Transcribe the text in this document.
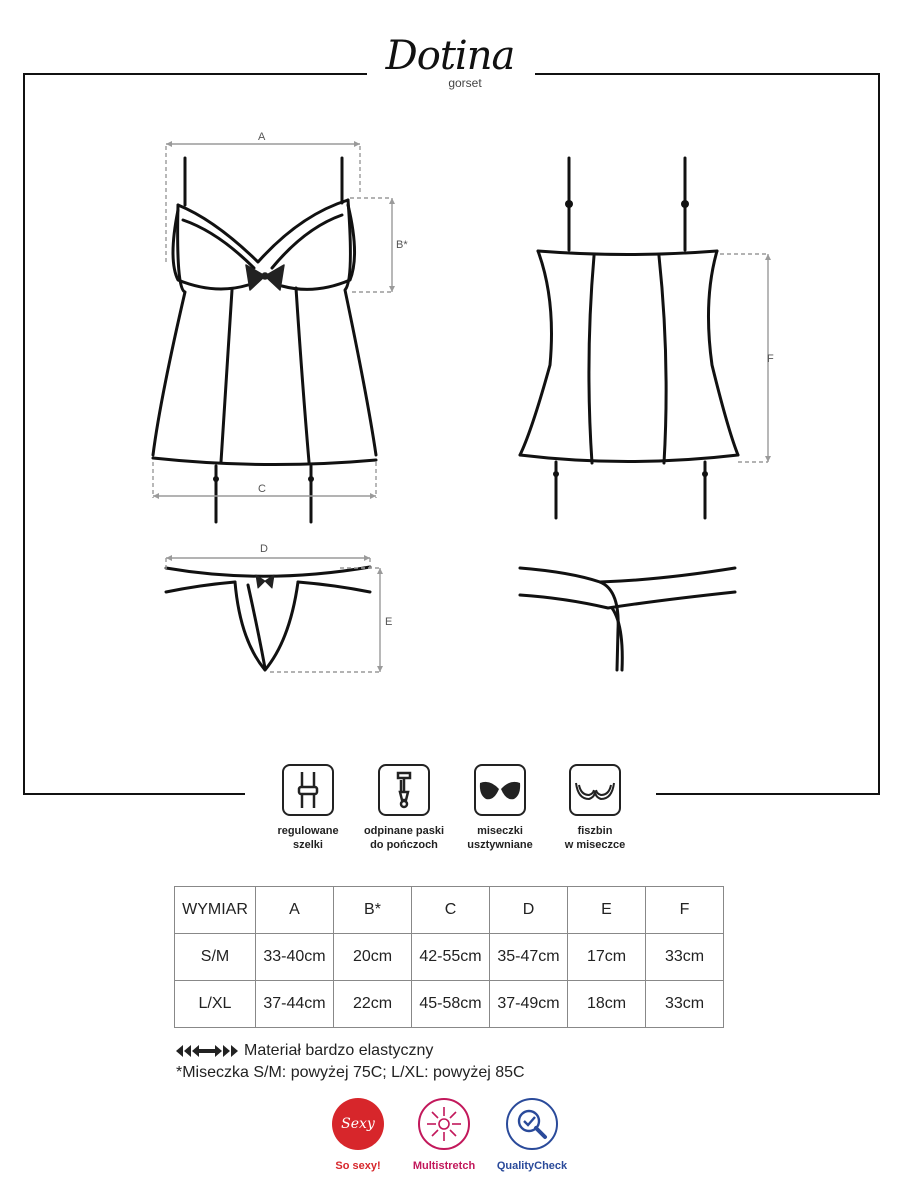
Dotina
gorset
A
B*
C
D
E
F
regulowane
szelki
odpinane paski
do pończoch
miseczki
usztywniane
fiszbin
w miseczce
WYMIAR	A	B*	C	D	E	F
S/M	33-40cm	20cm	42-55cm	35-47cm	17cm	33cm
L/XL	37-44cm	22cm	45-58cm	37-49cm	18cm	33cm
Materiał bardzo elastyczny
*Miseczka S/M: powyżej 75C; L/XL: powyżej 85C
Sexy
So sexy!	Multistretch	QualityCheck
